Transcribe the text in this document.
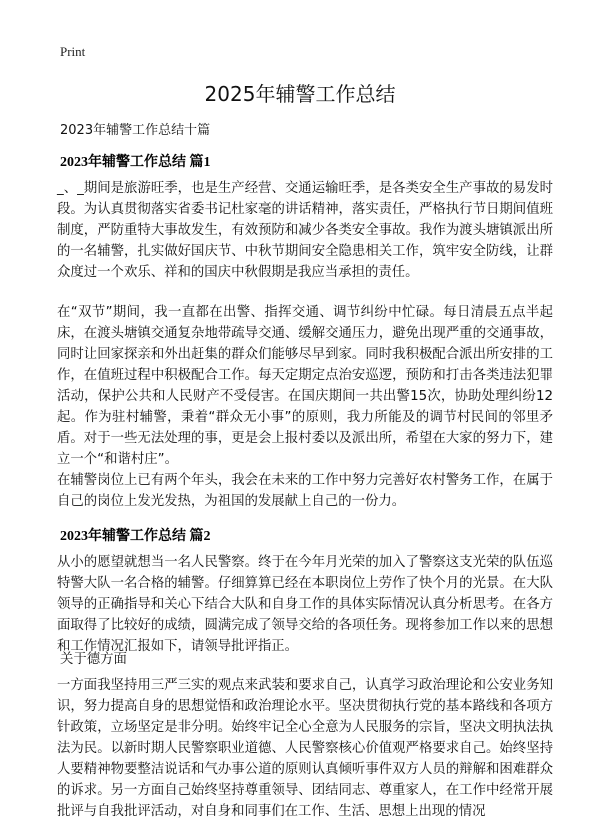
Print
2025年辅警工作总结
2023年辅警工作总结十篇
2023年辅警工作总结 篇1

_、_期间是旅游旺季，也是生产经营、交通运输旺季，是各类安全生产事故的易发时段。为认真贯彻落实省委书记杜家毫的讲话精神，落实责任，严格执行节日期间值班制度，严防重特大事故发生，有效预防和减少各类安全事故。我作为渡头塘镇派出所的一名辅警，扎实做好国庆节、中秋节期间安全隐患相关工作，筑牢安全防线，让群众度过一个欢乐、祥和的国庆中秋假期是我应当承担的责任。

在“双节”期间，我一直都在出警、指挥交通、调节纠纷中忙碌。每日清晨五点半起床，在渡头塘镇交通复杂地带疏导交通、缓解交通压力，避免出现严重的交通事故，同时让回家探亲和外出赶集的群众们能够尽早到家。同时我积极配合派出所安排的工作，在值班过程中积极配合工作。每天定期定点治安巡逻，预防和打击各类违法犯罪活动，保护公共和人民财产不受侵害。在国庆期间一共出警15次，协助处理纠纷12起。作为驻村辅警，秉着“群众无小事”的原则，我力所能及的调节村民间的邻里矛盾。对于一些无法处理的事，更是会上报村委以及派出所，希望在大家的努力下，建立一个“和谐村庄”。

在辅警岗位上已有两个年头，我会在未来的工作中努力完善好农村警务工作，在属于自己的岗位上发光发热，为祖国的发展献上自己的一份力。

2023年辅警工作总结 篇2

从小的愿望就想当一名人民警察。终于在今年月光荣的加入了警察这支光荣的队伍巡特警大队一名合格的辅警。仔细算算已经在本职岗位上劳作了快个月的光景。在大队领导的正确指导和关心下结合大队和自身工作的具体实际情况认真分析思考。在各方面取得了比较好的成绩，圆满完成了领导交给的各项任务。现将参加工作以来的思想和工作情况汇报如下，请领导批评指正。

关于德方面

一方面我坚持用三严三实的观点来武装和要求自己，认真学习政治理论和公安业务知识，努力提高自身的思想觉悟和政治理论水平。坚决贯彻执行党的基本路线和各项方针政策，立场坚定是非分明。始终牢记全心全意为人民服务的宗旨，坚决文明执法执法为民。以新时期人民警察职业道德、人民警察核心价值观严格要求自己。始终坚持人要精神物要整洁说话和气办事公道的原则认真倾听事件双方人员的辩解和困难群众的诉求。另一方面自己始终坚持尊重领导、团结同志、尊重家人，在工作中经常开展批评与自我批评活动，对自身和同事们在工作、生活、思想上出现的情况
